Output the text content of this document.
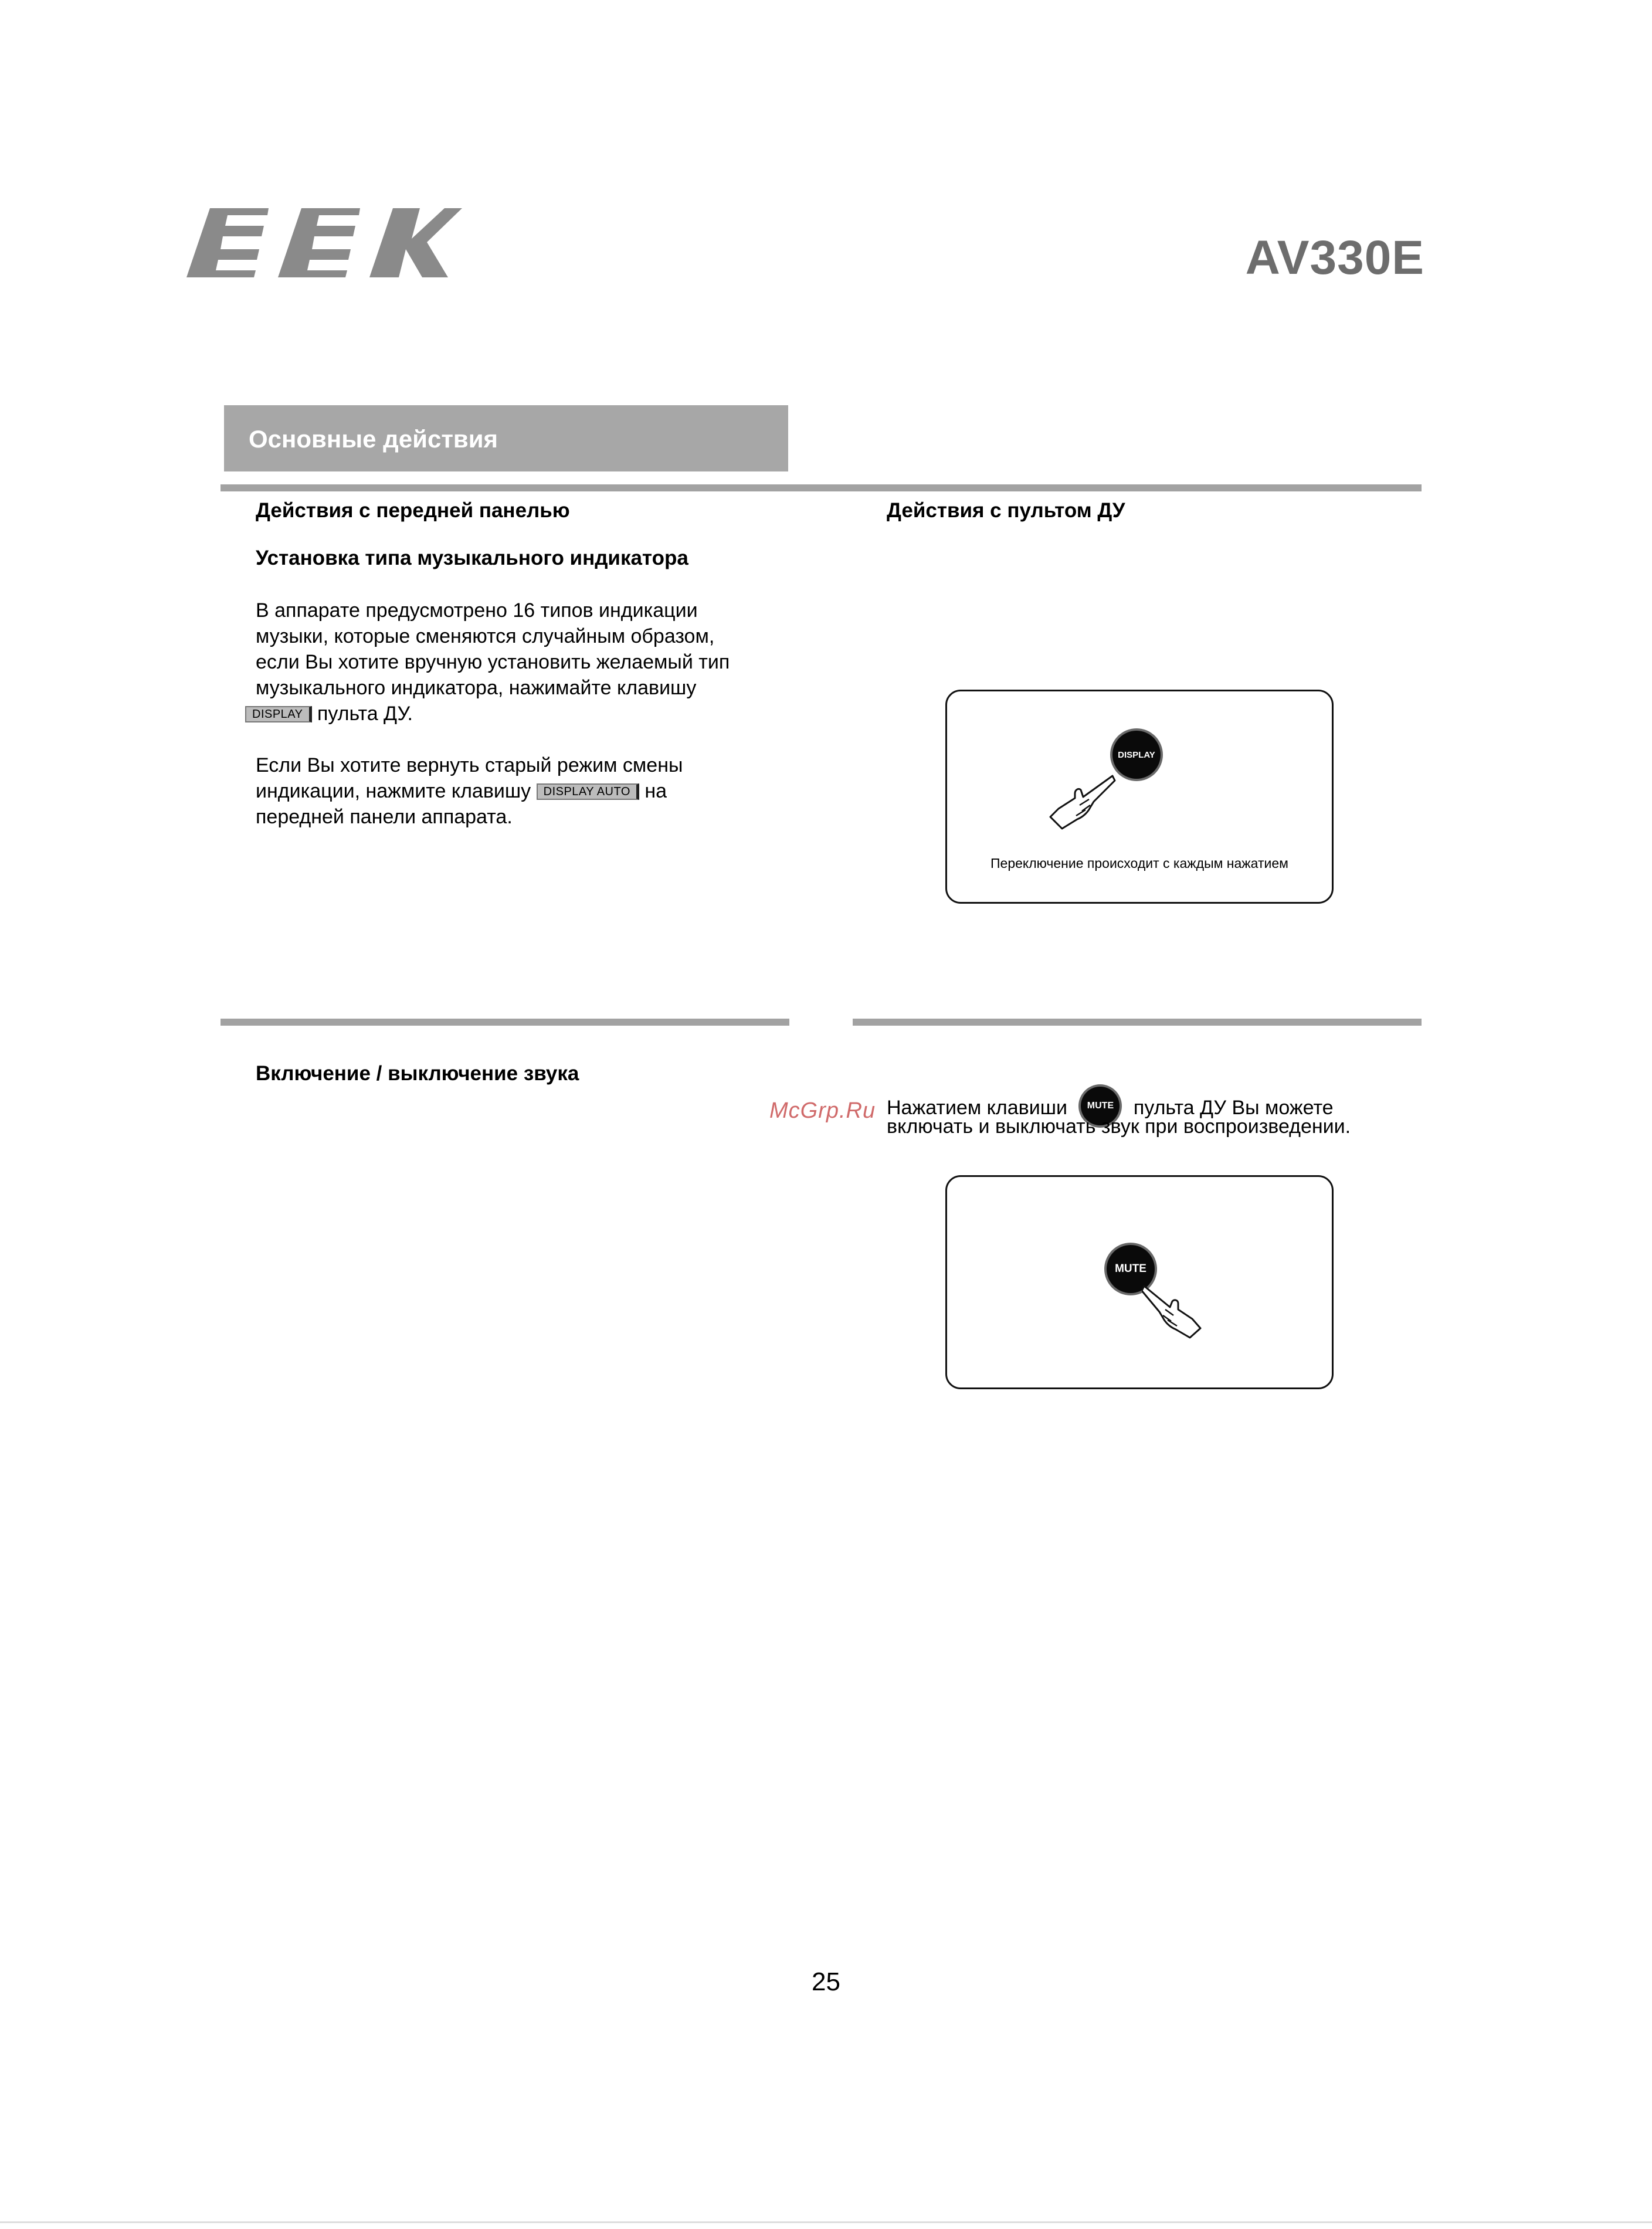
AV330E
Основные действия
Действия с передней панелью
Установка типа музыкального индикатора
В аппарате предусмотрено 16 типов индикации
музыки, которые сменяются случайным образом,
если Вы хотите вручную установить желаемый тип
музыкального индикатора, нажимайте клавишу
DISPLAY пульта ДУ.
Если Вы хотите вернуть старый режим смены
индикации, нажмите клавишу DISPLAY AUTO на
передней панели аппарата.
Действия с пультом ДУ
DISPLAY
Переключение происходит с каждым нажатием
Включение / выключение звука
Нажатием клавиши MUTE пульта ДУ Вы можете
включать и выключать звук при воспроизведении.
MUTE
McGrp.Ru
25
